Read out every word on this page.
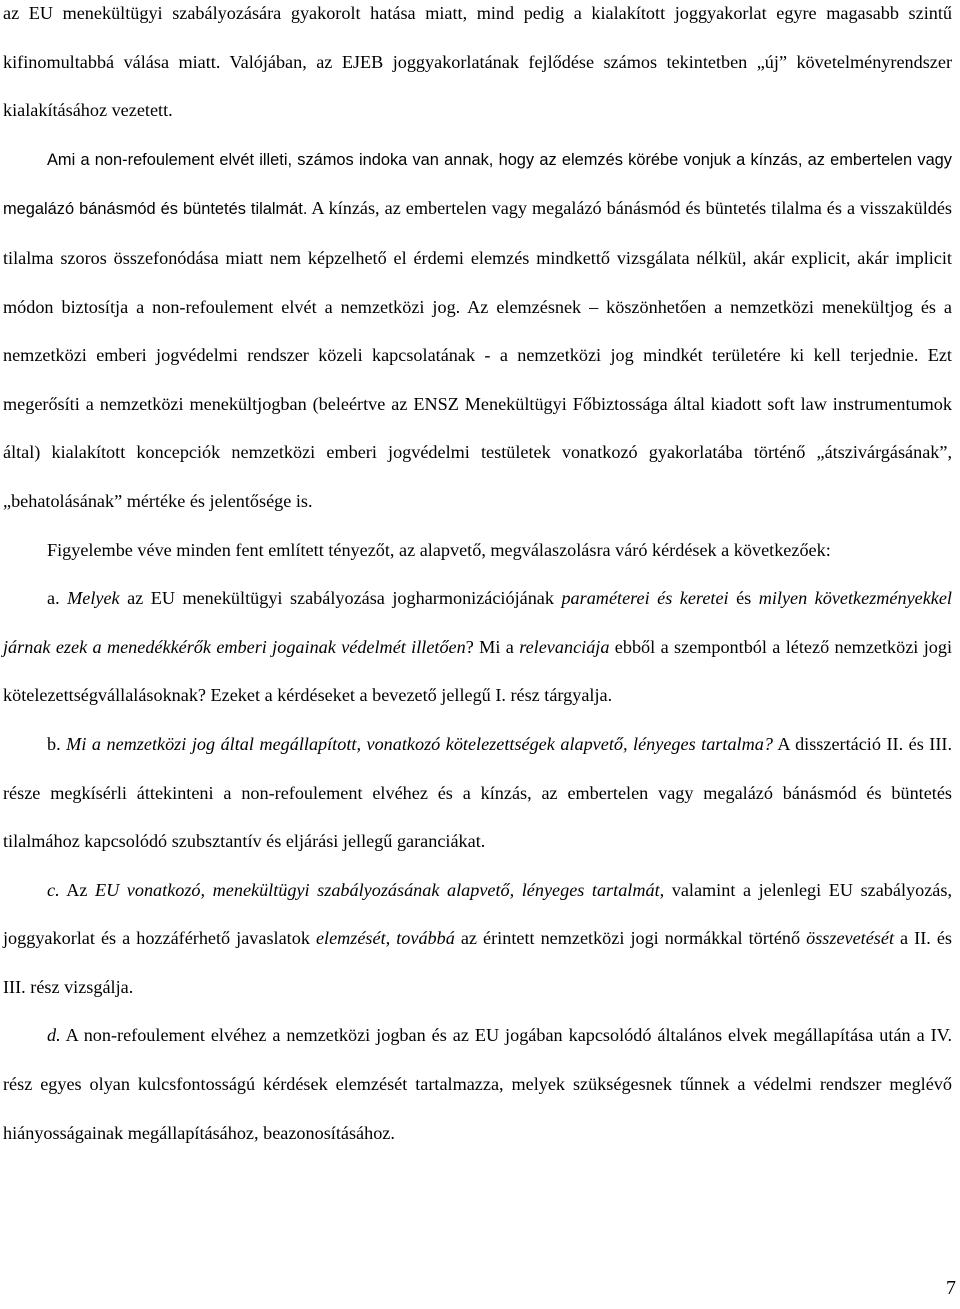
az EU menekültügyi szabályozására gyakorolt hatása miatt, mind pedig a kialakított joggyakorlat egyre magasabb szintű kifinomultabbá válása miatt. Valójában, az EJEB joggyakorlatának fejlődése számos tekintetben „új” követelményrendszer kialakításához vezetett.

Ami a non-refoulement elvét illeti, számos indoka van annak, hogy az elemzés körébe vonjuk a kínzás, az embertelen vagy megalázó bánásmód és büntetés tilalmát. A kínzás, az embertelen vagy megalázó bánásmód és büntetés tilalma és a visszaküldés tilalma szoros összefonódása miatt nem képzelhető el érdemi elemzés mindkettő vizsgálata nélkül, akár explicit, akár implicit módon biztosítja a non-refoulement elvét a nemzetközi jog. Az elemzésnek – köszönhetően a nemzetközi menekültjog és a nemzetközi emberi jogvédelmi rendszer közeli kapcsolatának - a nemzetközi jog mindkét területére ki kell terjednie. Ezt megerősíti a nemzetközi menekültjogban (beleértve az ENSZ Menekültügyi Főbiztossága által kiadott soft law instrumentumok által) kialakított koncepciók nemzetközi emberi jogvédelmi testületek vonatkozó gyakorlatába történő „átszivárgásának”, „behatolásának” mértéke és jelentősége is.

Figyelembe véve minden fent említett tényezőt, az alapvető, megválaszolásra váró kérdések a következőek:

a. Melyek az EU menekültügyi szabályozása jogharmonizációjának paraméterei és keretei és milyen következményekkel járnak ezek a menedékkérők emberi jogainak védelmét illetően? Mi a relevanciája ebből a szempontból a létező nemzetközi jogi kötelezettségvállalásoknak? Ezeket a kérdéseket a bevezető jellegű I. rész tárgyalja.

b. Mi a nemzetközi jog által megállapított, vonatkozó kötelezettségek alapvető, lényeges tartalma? A disszertáció II. és III. része megkísérli áttekinteni a non-refoulement elvéhez és a kínzás, az embertelen vagy megalázó bánásmód és büntetés tilalmához kapcsolódó szubsztantív és eljárási jellegű garanciákat.

c. Az EU vonatkozó, menekültügyi szabályozásának alapvető, lényeges tartalmát, valamint a jelenlegi EU szabályozás, joggyakorlat és a hozzáférhető javaslatok elemzését, továbbá az érintett nemzetközi jogi normákkal történő összevetését a II. és III. rész vizsgálja.

d. A non-refoulement elvéhez a nemzetközi jogban és az EU jogában kapcsolódó általános elvek megállapítása után a IV. rész egyes olyan kulcsfontosságú kérdések elemzését tartalmazza, melyek szükségesnek tűnnek a védelmi rendszer meglévő hiányosságainak megállapításához, beazonosításához.

7
